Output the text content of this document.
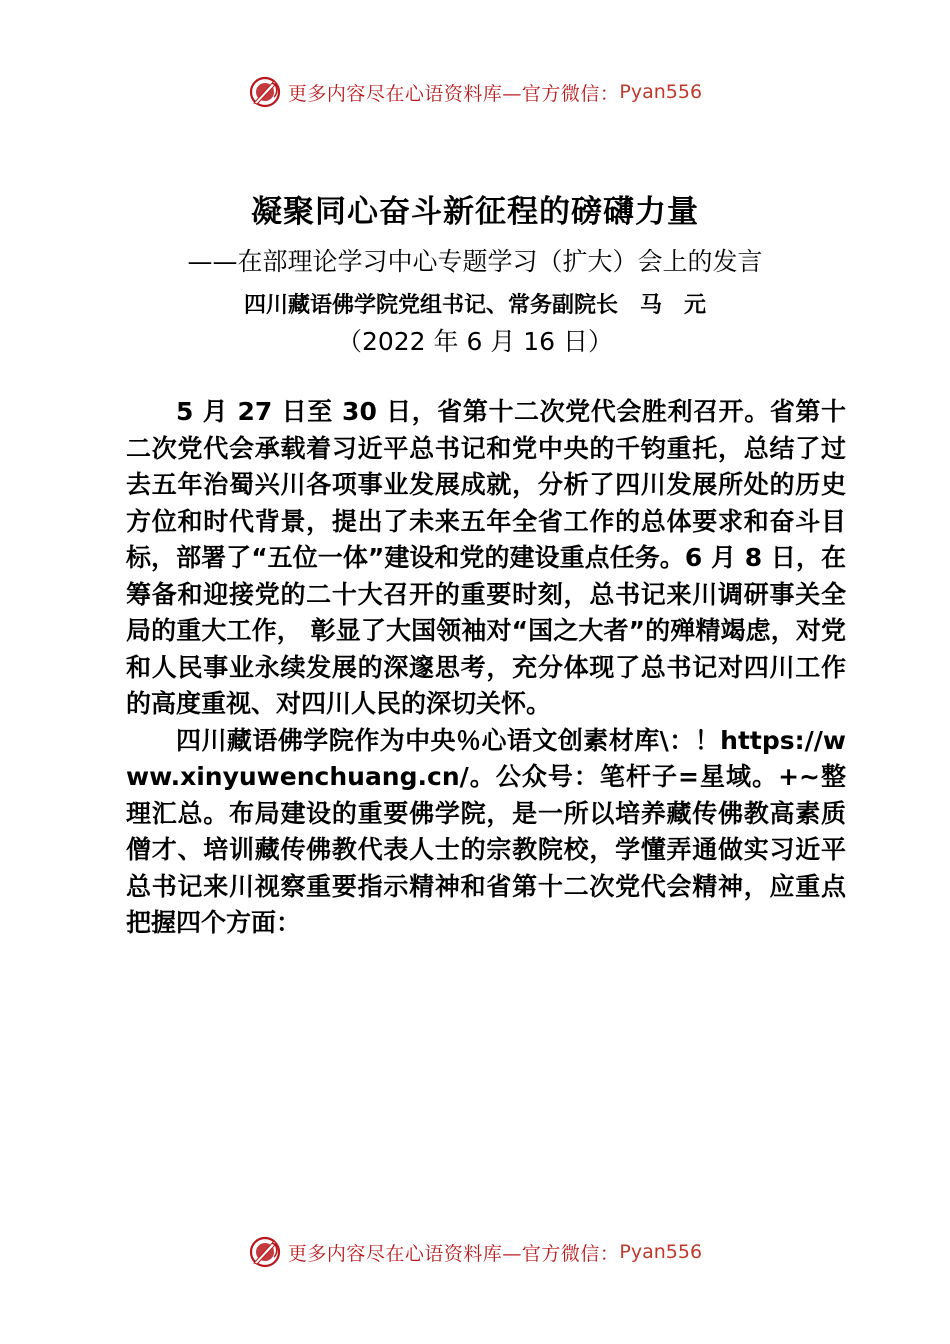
更多内容尽在心语资料库—官方微信： Pyan556
凝聚同心奋斗新征程的磅礴力量
——在部理论学习中心专题学习（扩大）会上的发言
四川藏语佛学院党组书记、常务副院长　马　元
（2022 年 6 月 16 日）

5 月 27 日至 30 日，省第十二次党代会胜利召开。省第十二次党代会承载着习近平总书记和党中央的千钧重托，总结了过去五年治蜀兴川各项事业发展成就，分析了四川发展所处的历史方位和时代背景，提出了未来五年全省工作的总体要求和奋斗目标，部署了“五位一体”建设和党的建设重点任务。6 月 8 日，在筹备和迎接党的二十大召开的重要时刻，总书记来川调研事关全局的重大工作， 彰显了大国领袖对“国之大者”的殚精竭虑，对党和人民事业永续发展的深邃思考，充分体现了总书记对四川工作的高度重视、对四川人民的深切关怀。

四川藏语佛学院作为中央％心语文创素材库\：！https://www.xinyuwenchuang.cn/。公众号：笔杆子=星域。+~整理汇总。布局建设的重要佛学院，是一所以培养藏传佛教高素质僧才、培训藏传佛教代表人士的宗教院校，学懂弄通做实习近平总书记来川视察重要指示精神和省第十二次党代会精神，应重点把握四个方面：

更多内容尽在心语资料库—官方微信： Pyan556
